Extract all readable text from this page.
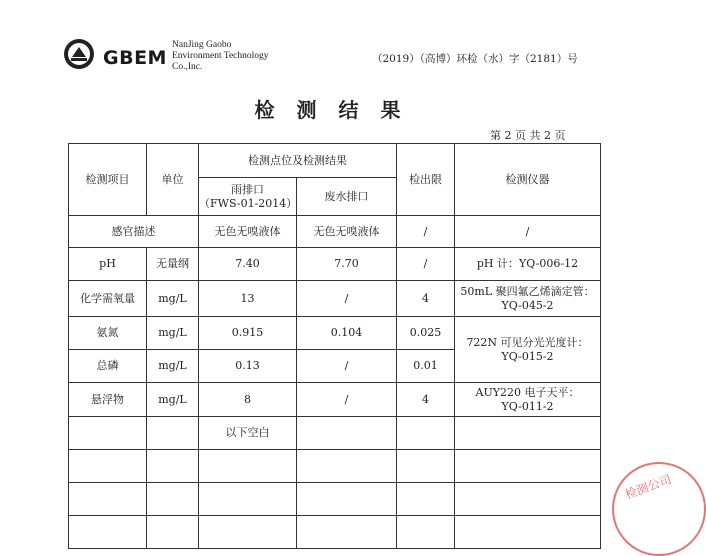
GBEM
NanJing Gaobo
Environment Technology
Co.,Inc.
（2019）（高博）环检（水）字（2181）号
检测结果
第 2 页 共 2 页
检测项目	单位	检测点位及检测结果		检出限	检测仪器

		雨排口
（FWS-01-2014）	废水排口		
感官描述		无色无嗅液体	无色无嗅液体	/	/
pH	无量纲	7.40	7.70	/	pH 计：YQ-006-12
化学需氧量	mg/L	13	/	4	50mL 聚四氟乙烯滴定管：
YQ-045-2

氨氮	mg/L	0.915	0.104	0.025	722N 可见分光光度计：
YQ-015-2

总磷	mg/L	0.13	/	0.01	
悬浮物	mg/L	8	/	4	AUY220 电子天平：
YQ-011-2

		以下空白			

检测公司
